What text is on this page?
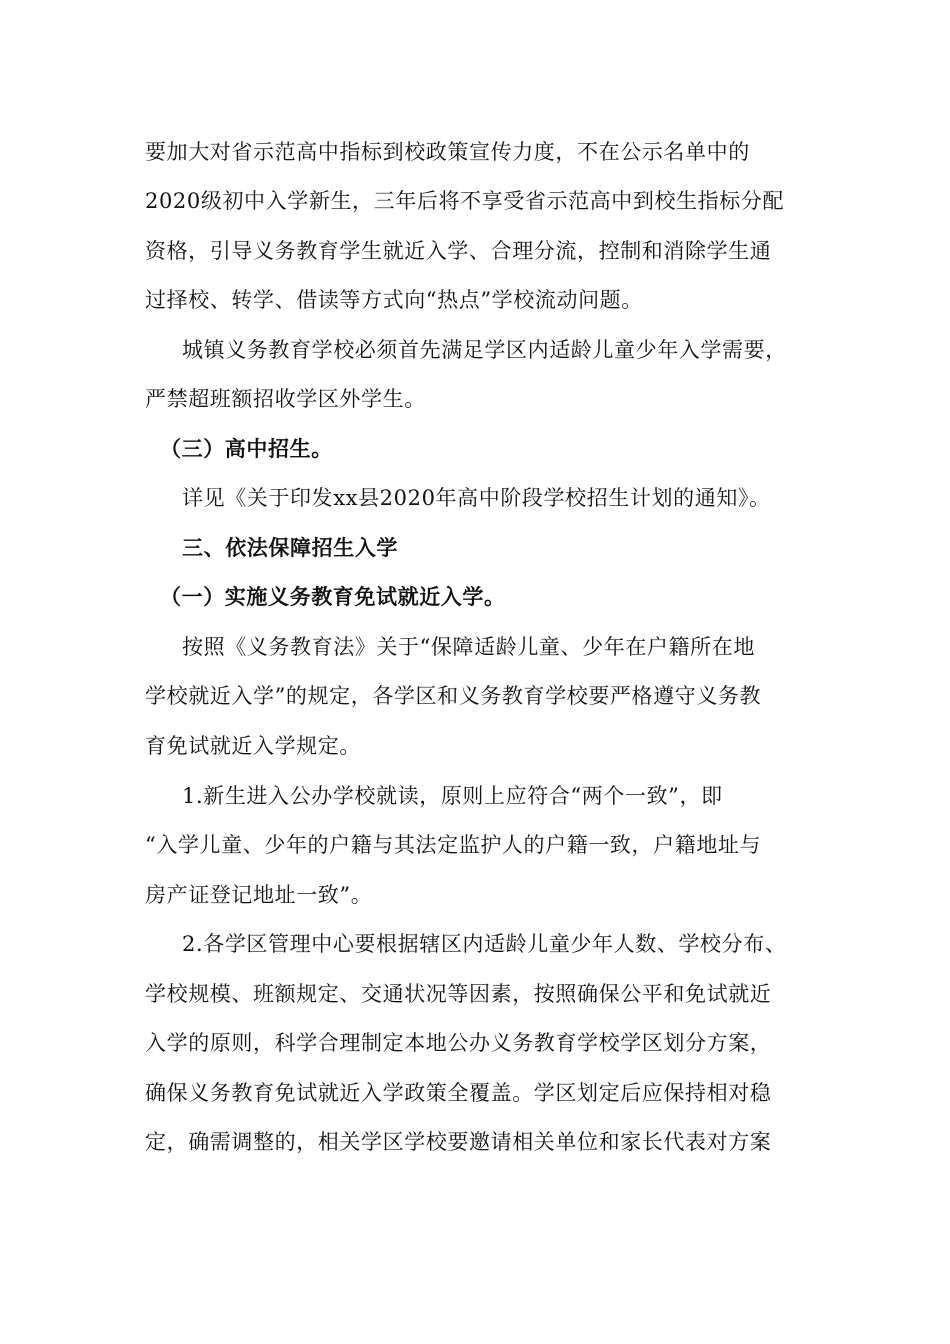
要加大对省示范高中指标到校政策宣传力度，不在公示名单中的
2020级初中入学新生，三年后将不享受省示范高中到校生指标分配
资格，引导义务教育学生就近入学、合理分流，控制和消除学生通
过择校、转学、借读等方式向“热点”学校流动问题。
城镇义务教育学校必须首先满足学区内适龄儿童少年入学需要，
严禁超班额招收学区外学生。
（三）高中招生。
详见《关于印发xx县2020年高中阶段学校招生计划的通知》。
三、依法保障招生入学
（一）实施义务教育免试就近入学。
按照《义务教育法》关于“保障适龄儿童、少年在户籍所在地
学校就近入学”的规定，各学区和义务教育学校要严格遵守义务教
育免试就近入学规定。
1.新生进入公办学校就读，原则上应符合“两个一致”，即
“入学儿童、少年的户籍与其法定监护人的户籍一致，户籍地址与
房产证登记地址一致”。
2.各学区管理中心要根据辖区内适龄儿童少年人数、学校分布、
学校规模、班额规定、交通状况等因素，按照确保公平和免试就近
入学的原则，科学合理制定本地公办义务教育学校学区划分方案，
确保义务教育免试就近入学政策全覆盖。学区划定后应保持相对稳
定，确需调整的，相关学区学校要邀请相关单位和家长代表对方案
